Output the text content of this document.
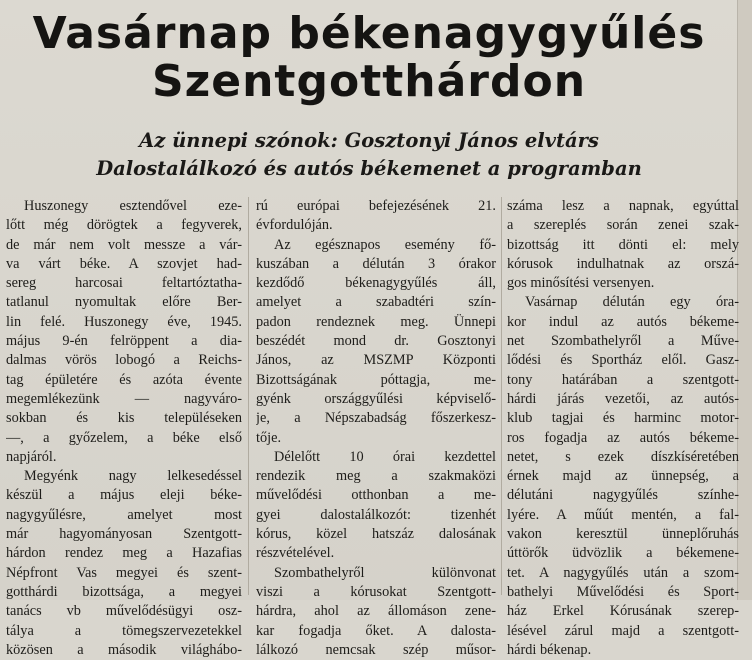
Vasárnap békenagygyűlés
Szentgotthárdon
Az ünnepi szónok: Gosztonyi János elvtárs
Dalostalálkozó és autós békemenet a programban
Huszonegy esztendővel eze-
lőtt még dörögtek a fegyverek,
de már nem volt messze a vár-
va várt béke. A szovjet had-
sereg harcosai feltartóztatha-
tatlanul nyomultak előre Ber-
lin felé. Huszonegy éve, 1945.
május 9-én felröppent a dia-
dalmas vörös lobogó a Reichs-
tag épületére és azóta évente
megemlékezünk — nagyváro-
sokban és kis településeken
—, a győzelem, a béke első
napjáról.
Megyénk nagy lelkesedéssel
készül a május eleji béke-
nagygyűlésre, amelyet most
már hagyományosan Szentgott-
hárdon rendez meg a Hazafias
Népfront Vas megyei és szent-
gotthárdi bizottsága, a megyei
tanács vb művelődésügyi osz-
tálya a tömegszervezetekkel
közösen a második világhábo-
rú európai befejezésének 21.
évfordulóján.
Az egésznapos esemény fő-
kuszában a délután 3 órakor
kezdődő békenagygyűlés áll,
amelyet a szabadtéri szín-
padon rendeznek meg. Ünnepi
beszédét mond dr. Gosztonyi
János, az MSZMP Központi
Bizottságának póttagja, me-
gyénk országgyűlési képviselő-
je, a Népszabadság főszerkesz-
tője.
Délelőtt 10 órai kezdettel
rendezik meg a szakmaközi
művelődési otthonban a me-
gyei dalostalálkozót: tizenhét
kórus, közel hatszáz dalosának
részvételével.
Szombathelyről különvonat
viszi a kórusokat Szentgott-
hárdra, ahol az állomáson zene-
kar fogadja őket. A dalosta-
lálkozó nemcsak szép műsor-
száma lesz a napnak, egyúttal
a szereplés során zenei szak-
bizottság itt dönti el: mely
kórusok indulhatnak az orszá-
gos minősítési versenyen.
Vasárnap délután egy óra-
kor indul az autós békeme-
net Szombathelyről a Műve-
lődési és Sportház elől. Gasz-
tony határában a szentgott-
hárdi járás vezetői, az autós-
klub tagjai és harminc motor-
ros fogadja az autós békeme-
netet, s ezek díszkíséretében
érnek majd az ünnepség, a
délutáni nagygyűlés színhe-
lyére. A műút mentén, a fal-
vakon keresztül ünneplőruhás
úttörők üdvözlik a békemene-
tet. A nagygyűlés után a szom-
bathelyi Művelődési és Sport-
ház Erkel Kórusának szerep-
lésével zárul majd a szentgott-
hárdi békenap.
